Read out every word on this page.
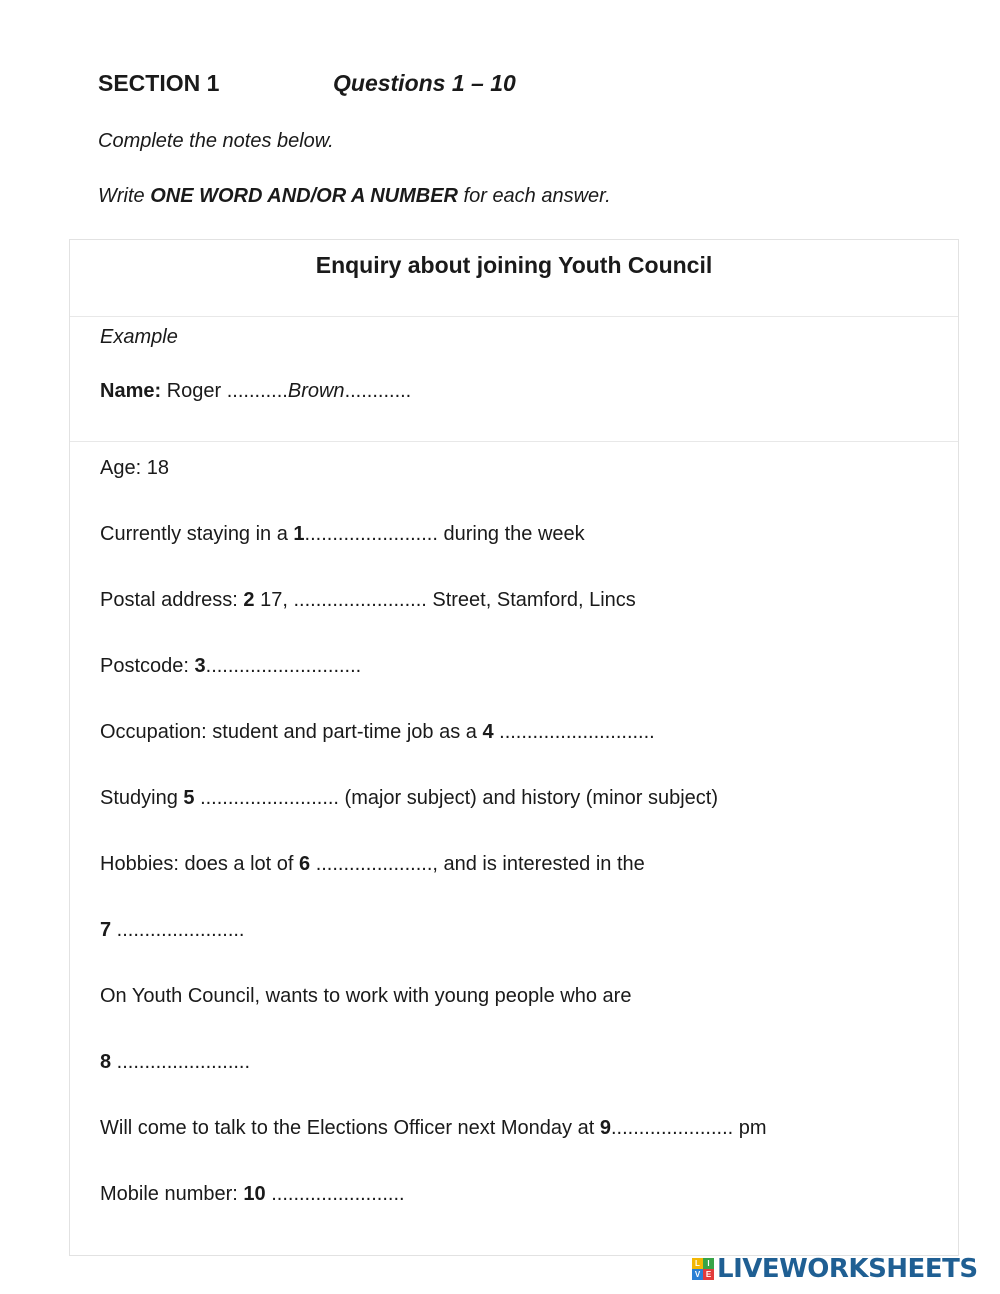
SECTION 1	Questions 1 – 10
Complete the notes below.
Write ONE WORD AND/OR A NUMBER for each answer.
Enquiry about joining Youth Council
Example
Name: Roger ...........Brown............
Age: 18
Currently staying in a 1........................ during the week
Postal address: 2 17, ........................ Street, Stamford, Lincs
Postcode: 3............................
Occupation: student and part-time job as a 4 ............................
Studying 5 ......................... (major subject) and history (minor subject)
Hobbies: does a lot of 6 ....................., and is interested in the
7 .......................
On Youth Council, wants to work with young people who are
8 ........................
Will come to talk to the Elections Officer next Monday at 9...................... pm
Mobile number: 10 ........................
L I
V E LIVEWORKSHEETS
